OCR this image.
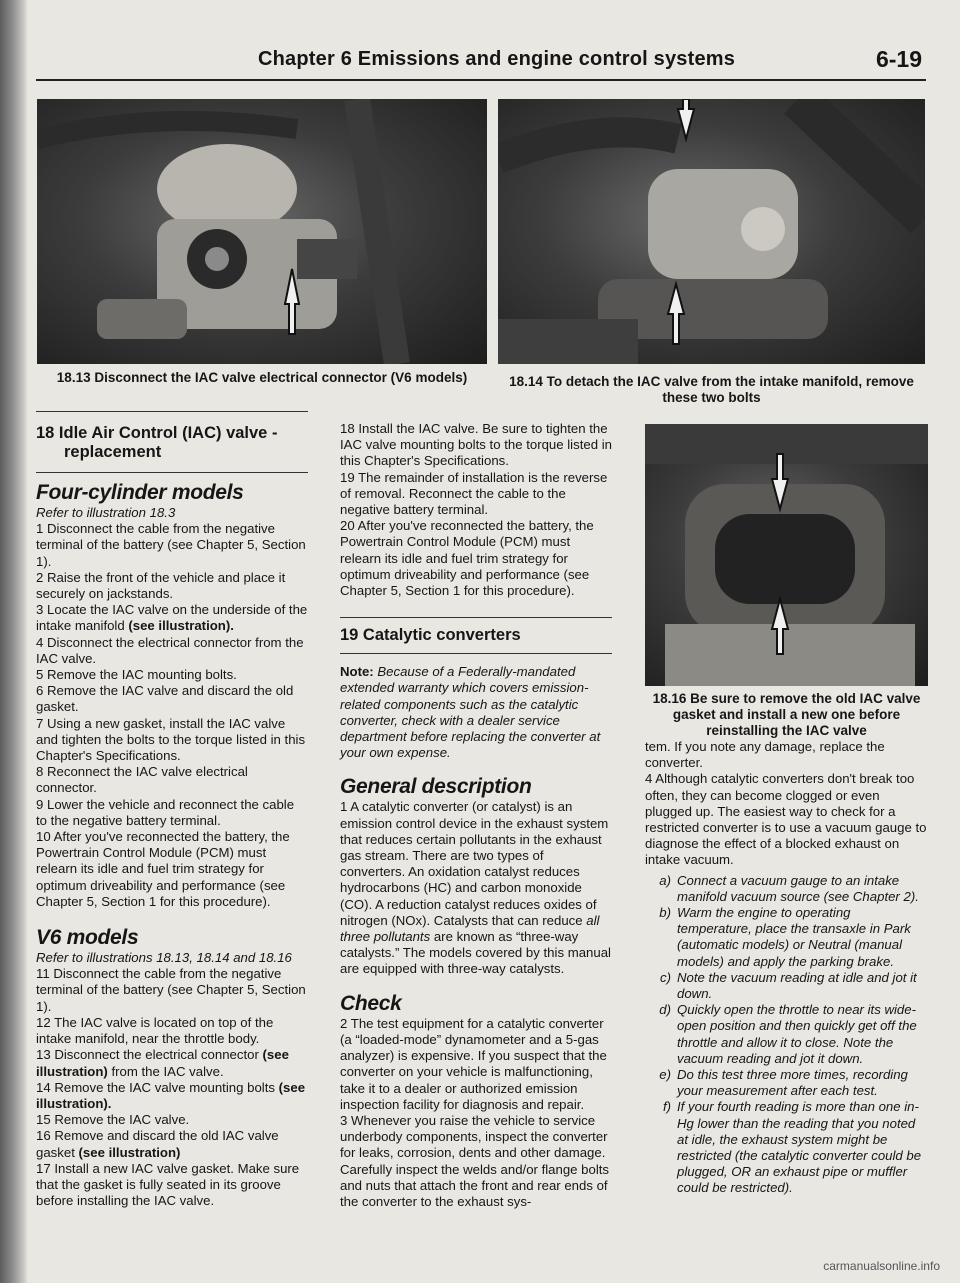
Chapter 6 Emissions and engine control systems	6-19
18.13 Disconnect the IAC valve electrical connector (V6 models)	18.14 To detach the IAC valve from the intake manifold, remove
these two bolts
18.16 Be sure to remove the old IAC valve
gasket and install a new one before
reinstalling the IAC valve
18 Idle Air Control (IAC) valve -
replacement
Four-cylinder models

Refer to illustration 18.3

1 Disconnect the cable from the negative terminal of the battery (see Chapter 5, Section 1).

2 Raise the front of the vehicle and place it securely on jackstands.

3 Locate the IAC valve on the underside of the intake manifold (see illustration).

4 Disconnect the electrical connector from the IAC valve.

5 Remove the IAC mounting bolts.

6 Remove the IAC valve and discard the old gasket.

7 Using a new gasket, install the IAC valve and tighten the bolts to the torque listed in this Chapter's Specifications.

8 Reconnect the IAC valve electrical connector.

9 Lower the vehicle and reconnect the cable to the negative battery terminal.

10 After you've reconnected the battery, the Powertrain Control Module (PCM) must relearn its idle and fuel trim strategy for optimum driveability and performance (see Chapter 5, Section 1 for this procedure).

V6 models

Refer to illustrations 18.13, 18.14 and 18.16

11 Disconnect the cable from the negative terminal of the battery (see Chapter 5, Section 1).

12 The IAC valve is located on top of the intake manifold, near the throttle body.

13 Disconnect the electrical connector (see illustration) from the IAC valve.

14 Remove the IAC valve mounting bolts (see illustration).

15 Remove the IAC valve.

16 Remove and discard the old IAC valve gasket (see illustration)

17 Install a new IAC valve gasket. Make sure that the gasket is fully seated in its groove before installing the IAC valve.

18 Install the IAC valve. Be sure to tighten the IAC valve mounting bolts to the torque listed in this Chapter's Specifications.

19 The remainder of installation is the reverse of removal. Reconnect the cable to the negative battery terminal.

20 After you've reconnected the battery, the Powertrain Control Module (PCM) must relearn its idle and fuel trim strategy for optimum driveability and performance (see Chapter 5, Section 1 for this procedure).

19 Catalytic converters

Note: Because of a Federally-mandated extended warranty which covers emission-related components such as the catalytic converter, check with a dealer service department before replacing the converter at your own expense.

General description

1 A catalytic converter (or catalyst) is an emission control device in the exhaust system that reduces certain pollutants in the exhaust gas stream. There are two types of converters. An oxidation catalyst reduces hydrocarbons (HC) and carbon monoxide (CO). A reduction catalyst reduces oxides of nitrogen (NOx). Catalysts that can reduce all three pollutants are known as “three-way catalysts.” The models covered by this manual are equipped with three-way catalysts.

Check

2 The test equipment for a catalytic converter (a “loaded-mode” dynamometer and a 5-gas analyzer) is expensive. If you suspect that the converter on your vehicle is malfunctioning, take it to a dealer or authorized emission inspection facility for diagnosis and repair.

3 Whenever you raise the vehicle to service underbody components, inspect the converter for leaks, corrosion, dents and other damage. Carefully inspect the welds and/or flange bolts and nuts that attach the front and rear ends of the converter to the exhaust sys-

tem. If you note any damage, replace the converter.

4 Although catalytic converters don't break too often, they can become clogged or even plugged up. The easiest way to check for a restricted converter is to use a vacuum gauge to diagnose the effect of a blocked exhaust on intake vacuum.

a) Connect a vacuum gauge to an intake manifold vacuum source (see Chapter 2).
b) Warm the engine to operating temperature, place the transaxle in Park (automatic models) or Neutral (manual models) and apply the parking brake.
c) Note the vacuum reading at idle and jot it down.
d) Quickly open the throttle to near its wide-open position and then quickly get off the throttle and allow it to close. Note the vacuum reading and jot it down.
e) Do this test three more times, recording your measurement after each test.
f) If your fourth reading is more than one in-Hg lower than the reading that you noted at idle, the exhaust system might be restricted (the catalytic converter could be plugged, OR an exhaust pipe or muffler could be restricted).
carmanualsonline.info
